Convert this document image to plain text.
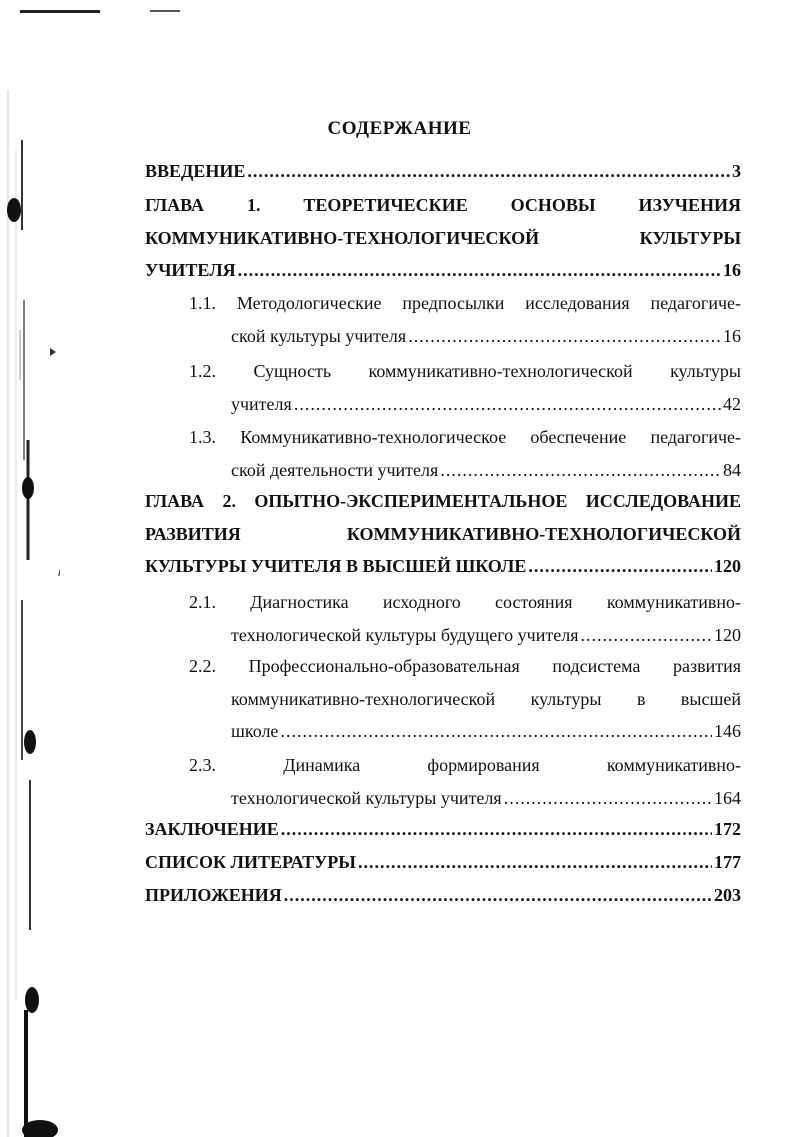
СОДЕРЖАНИЕ
ВВЕДЕНИЕ .....	3
ГЛАВА 1. ТЕОРЕТИЧЕСКИЕ ОСНОВЫ ИЗУЧЕНИЯ
КОММУНИКАТИВНО-ТЕХНОЛОГИЧЕСКОЙ КУЛЬТУРЫ
УЧИТЕЛЯ .....	16
1.1. Методологические предпосылки исследования педагогиче-
ской культуры учителя .....	16
1.2. Сущность коммуникативно-технологической культуры
учителя .....	42
1.3. Коммуникативно-технологическое обеспечение педагогиче-
ской деятельности учителя .....	84
ГЛАВА 2. ОПЫТНО-ЭКСПЕРИМЕНТАЛЬНОЕ ИССЛЕДОВАНИЕ
РАЗВИТИЯ КОММУНИКАТИВНО-ТЕХНОЛОГИЧЕСКОЙ
КУЛЬТУРЫ УЧИТЕЛЯ В ВЫСШЕЙ ШКОЛЕ .....	120
2.1. Диагностика исходного состояния коммуникативно-
технологической культуры будущего учителя .....	120
2.2. Профессионально-образовательная подсистема развития
коммуникативно-технологической культуры в высшей
школе .....	146
2.3. Динамика формирования коммуникативно-
технологической культуры учителя .....	164
ЗАКЛЮЧЕНИЕ .....	172
СПИСОК ЛИТЕРАТУРЫ .....	177
ПРИЛОЖЕНИЯ .....	203
